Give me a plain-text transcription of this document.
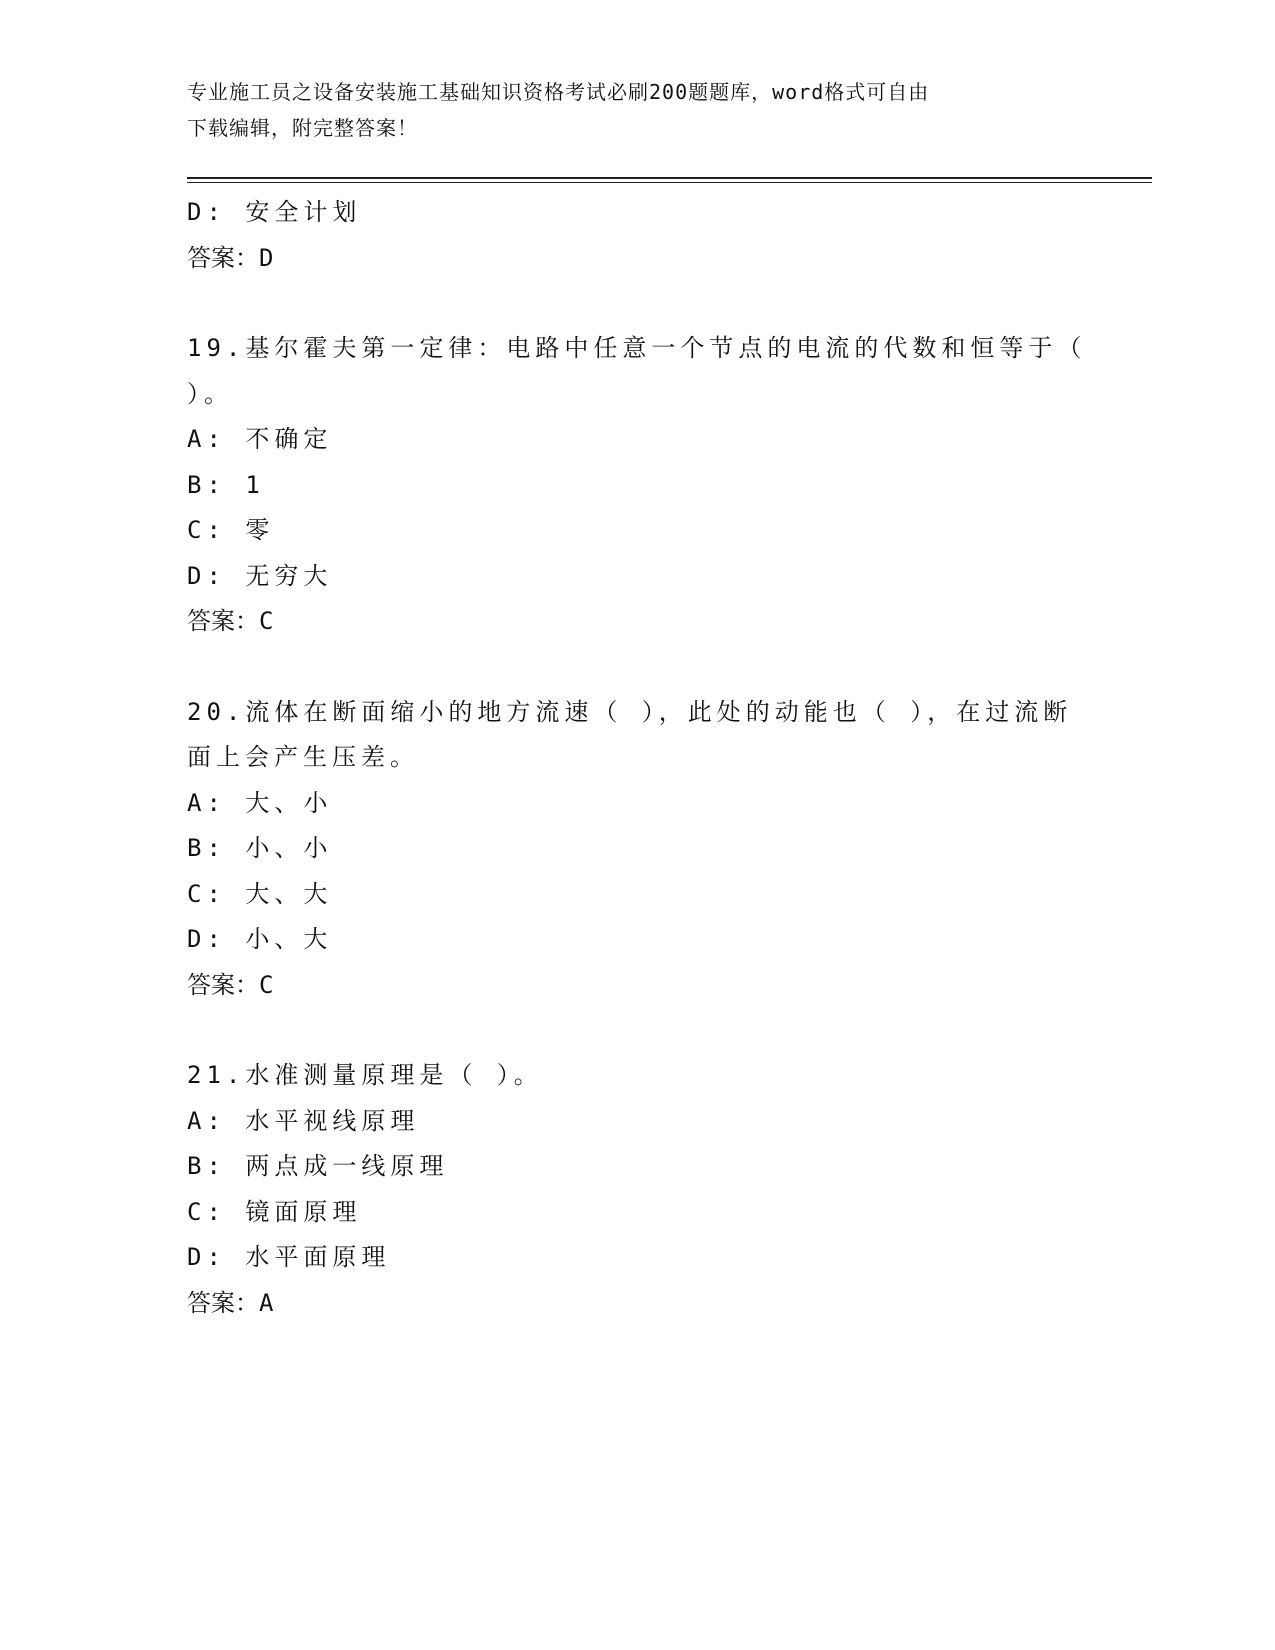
专业施工员之设备安装施工基础知识资格考试必刷200题题库，word格式可自由
下载编辑，附完整答案！
D: 安全计划
答案：D
19.基尔霍夫第一定律：电路中任意一个节点的电流的代数和恒等于（
）。
A: 不确定
B: 1
C: 零
D: 无穷大
答案：C
20.流体在断面缩小的地方流速（ ），此处的动能也（ ），在过流断
面上会产生压差。
A: 大、小
B: 小、小
C: 大、大
D: 小、大
答案：C
21.水准测量原理是（ ）。
A: 水平视线原理
B: 两点成一线原理
C: 镜面原理
D: 水平面原理
答案：A
